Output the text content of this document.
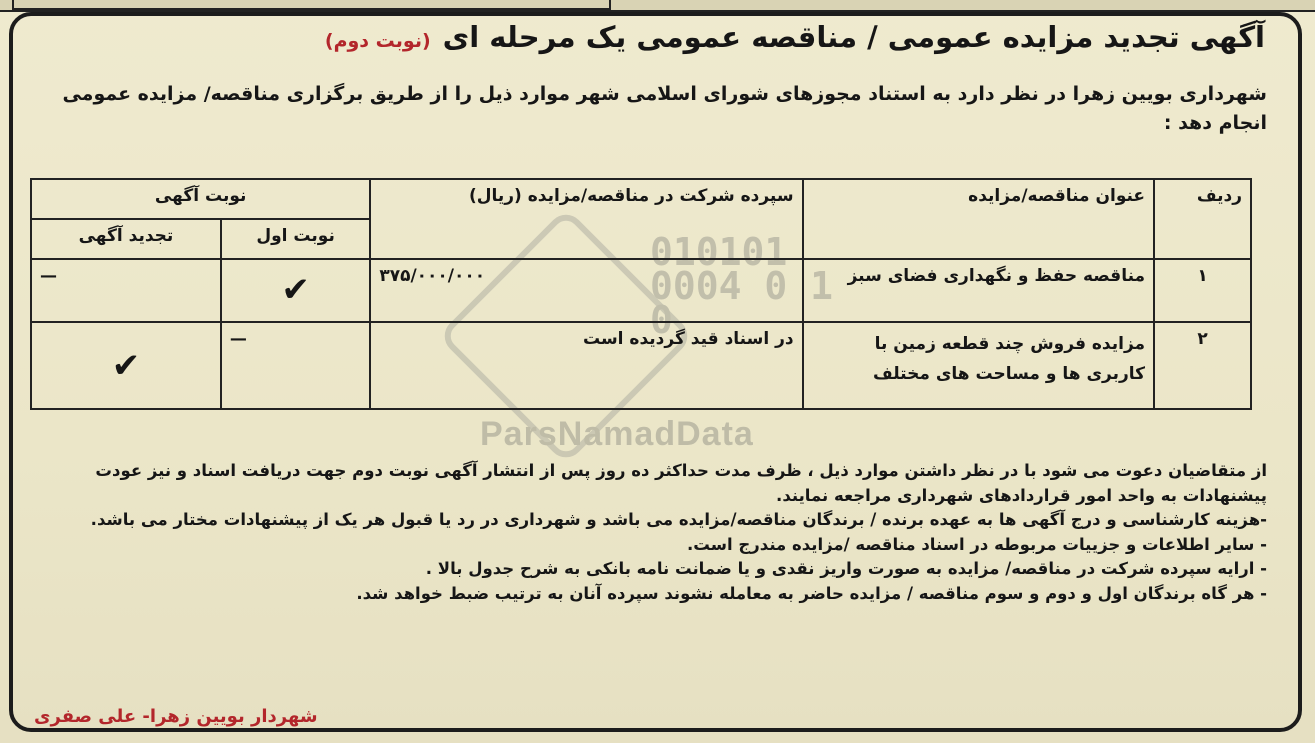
010101 0004 0 1 0
ParsNamadData
آگهی تجدید مزایده عمومی / مناقصه عمومی یک مرحله ای(نوبت دوم)
شهرداری بویین زهرا در نظر دارد به استناد مجوزهای شورای اسلامی شهر موارد ذیل را از طریق برگزاری مناقصه/ مزایده عمومی انجام دهد :
ردیف	عنوان مناقصه/مزایده	سپرده شرکت در مناقصه/مزایده (ریال)	نوبت آگهی	
			نوبت اول	تجدید آگهی
۱	مناقصه حفظ و نگهداری فضای سبز	۳۷۵/۰۰۰/۰۰۰	✔	—
۲	مزایده فروش چند قطعه زمین با کاربری ها و مساحت های مختلف	در اسناد قید گردیده است	—	✔

از متقاضیان دعوت می شود با در نظر داشتن موارد ذیل ، ظرف مدت حداکثر ده روز پس از انتشار آگهی نوبت دوم جهت دریافت اسناد و نیز عودت پیشنهادات به واحد امور قراردادهای شهرداری مراجعه نمایند.

-هزینه کارشناسی و درج آگهی ها به عهده برنده / برندگان مناقصه/مزایده می باشد و شهرداری در رد یا قبول هر یک از پیشنهادات مختار می باشد.

- سایر اطلاعات و جزییات مربوطه در اسناد مناقصه /مزایده مندرج است.

- ارایه سپرده شرکت در مناقصه/ مزایده به صورت واریز نقدی و یا ضمانت نامه بانکی به شرح جدول بالا .

- هر گاه برندگان اول و دوم و سوم مناقصه / مزایده حاضر به معامله نشوند سپرده آنان به ترتیب ضبط خواهد شد.

شهردار بویین زهرا- علی صفری
